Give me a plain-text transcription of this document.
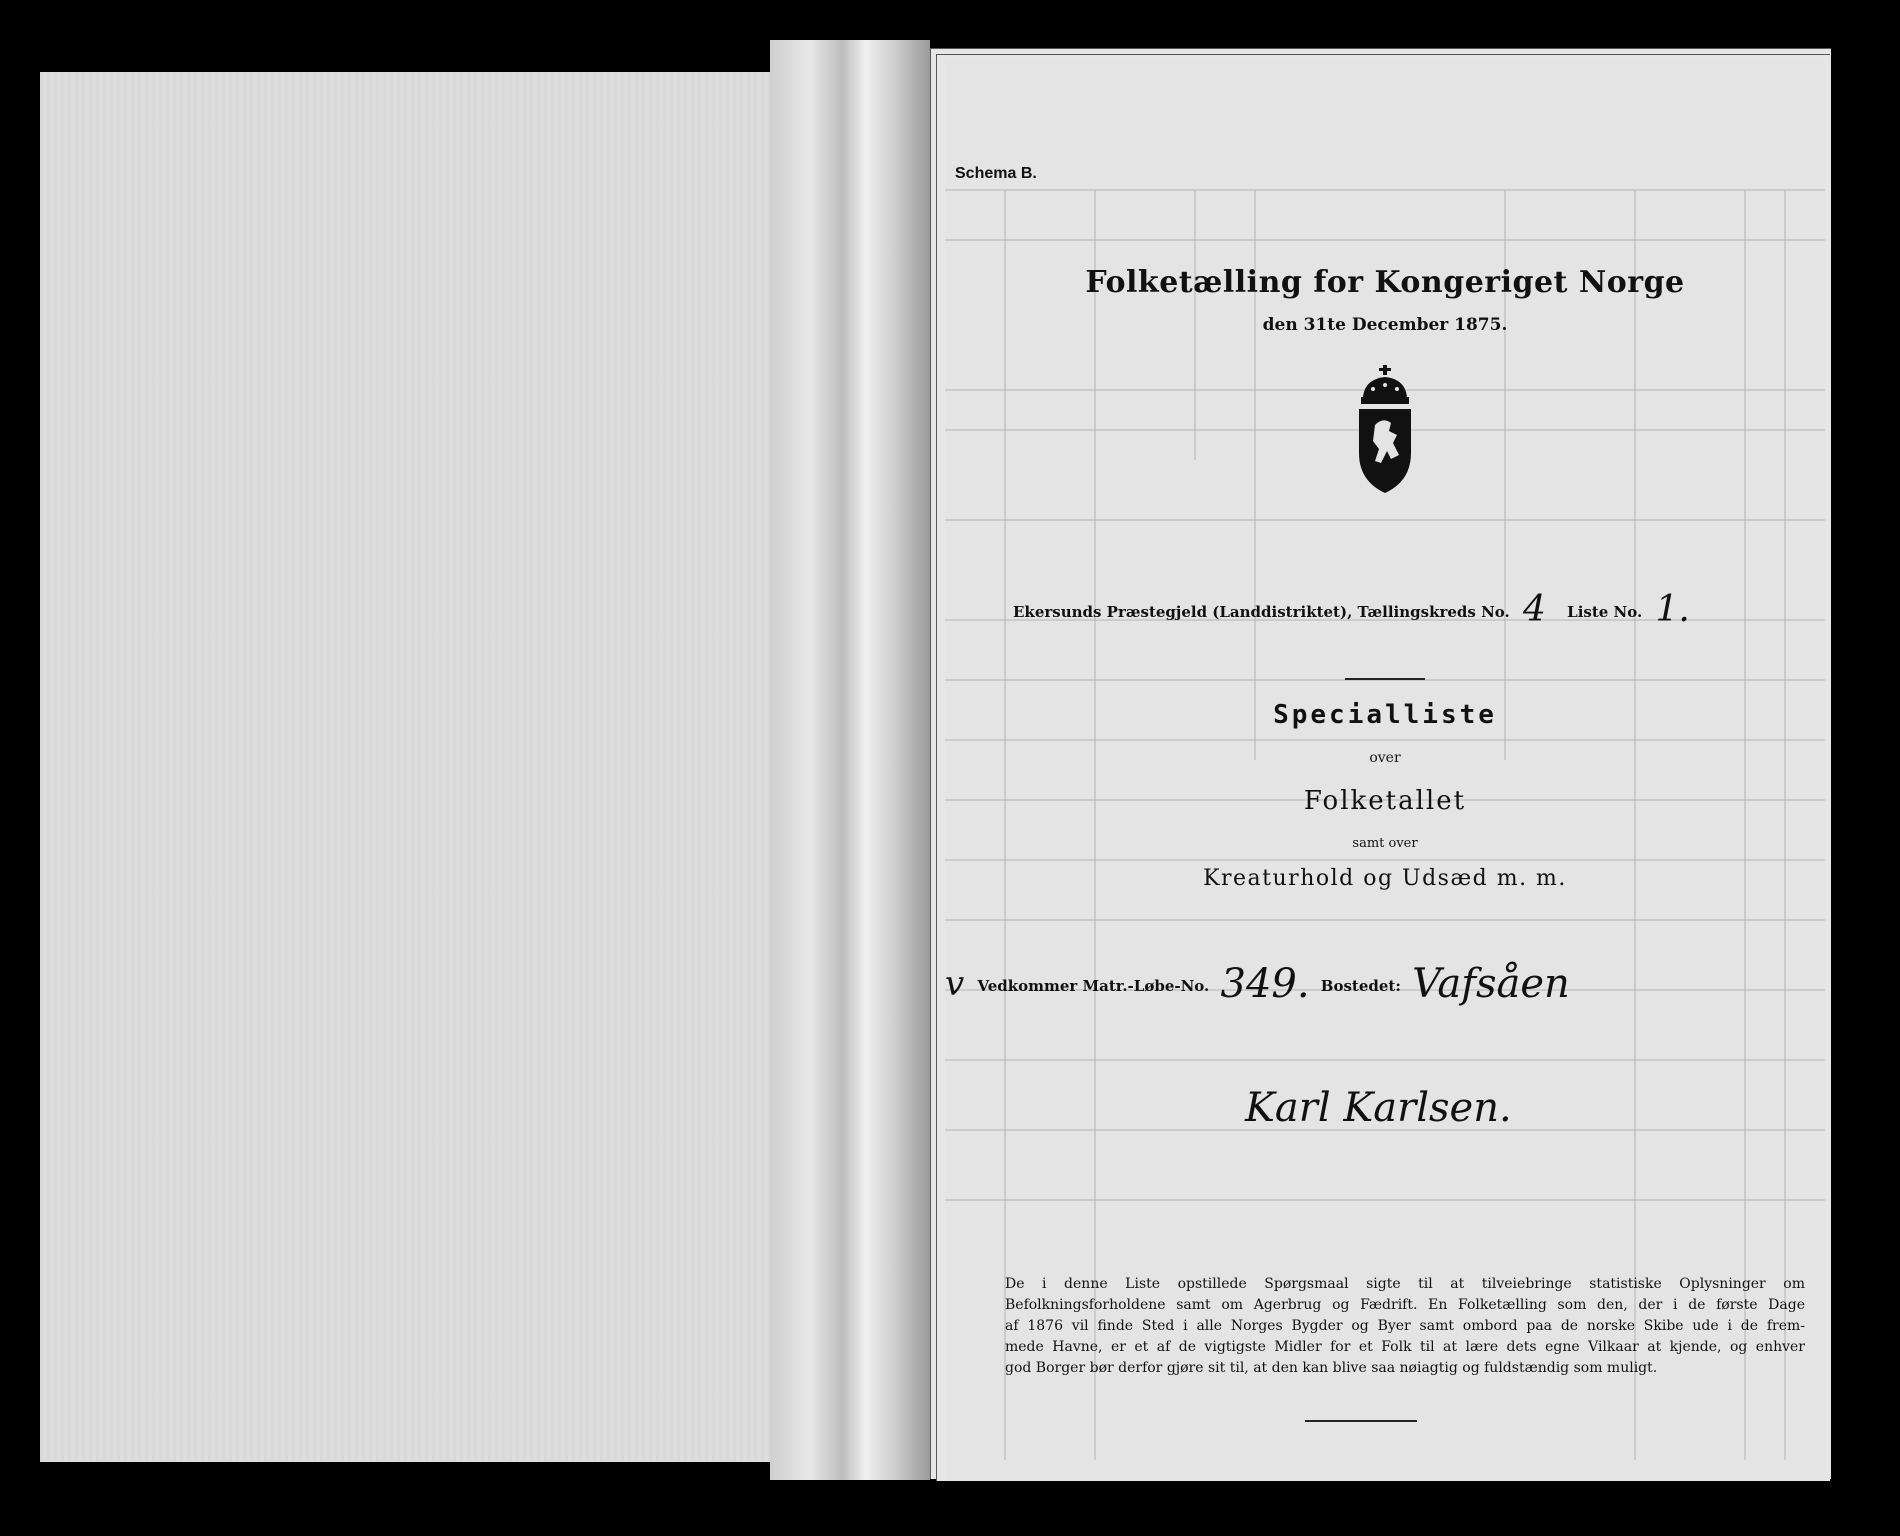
Schema B.
Folketælling for Kongeriget Norge
den 31te December 1875.
Ekersunds Præstegjeld (Landdistriktet), Tællingskreds No. 4 Liste No. 1.
Specialliste
over
Folketallet
samt over
Kreaturhold og Udsæd m. m.
v Vedkommer Matr.-Løbe-No. 349. Bostedet: Vafsåen
Karl Karlsen.
De i denne Liste opstillede Spørgsmaal sigte til at tilveiebringe statistiske Oplysninger om
Befolkningsforholdene samt om Agerbrug og Fædrift. En Folketælling som den, der i de første Dage
af 1876 vil finde Sted i alle Norges Bygder og Byer samt ombord paa de norske Skibe ude i de frem-
mede Havne, er et af de vigtigste Midler for et Folk til at lære dets egne Vilkaar at kjende, og enhver
god Borger bør derfor gjøre sit til, at den kan blive saa nøiagtig og fuldstændig som muligt.
